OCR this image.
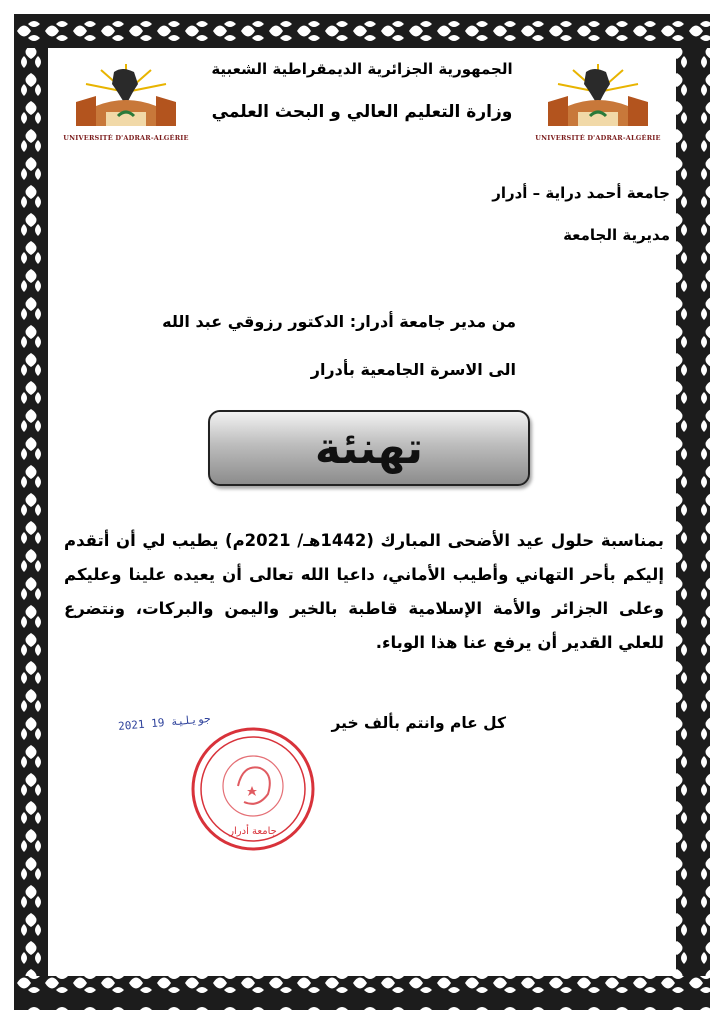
UNIVERSITÉ D'ADRAR-ALGÉRIE	UNIVERSITÉ D'ADRAR-ALGÉRIE
الجمهورية الجزائرية الديمقراطية الشعبية
وزارة التعليم العالي و البحث العلمي
جامعة أحمد دراية – أدرار
مديرية الجامعة
من مدير جامعة أدرار: الدكتور رزوقي عبد الله
الى الاسرة الجامعية بأدرار
تهنئة
بمناسبة حلول عيد الأضحى المبارك (1442هـ/ 2021م) يطيب لي أن أتقدم إليكم بأحر التهاني وأطيب الأماني، داعيا الله تعالى أن يعيده علينا وعليكم وعلى الجزائر والأمة الإسلامية قاطبة بالخير واليمن والبركات، ونتضرع للعلي القدير أن يرفع عنا هذا الوباء.
كل عام وانتم بألف خير
2021 جويلية 19
جامعة أدرار
